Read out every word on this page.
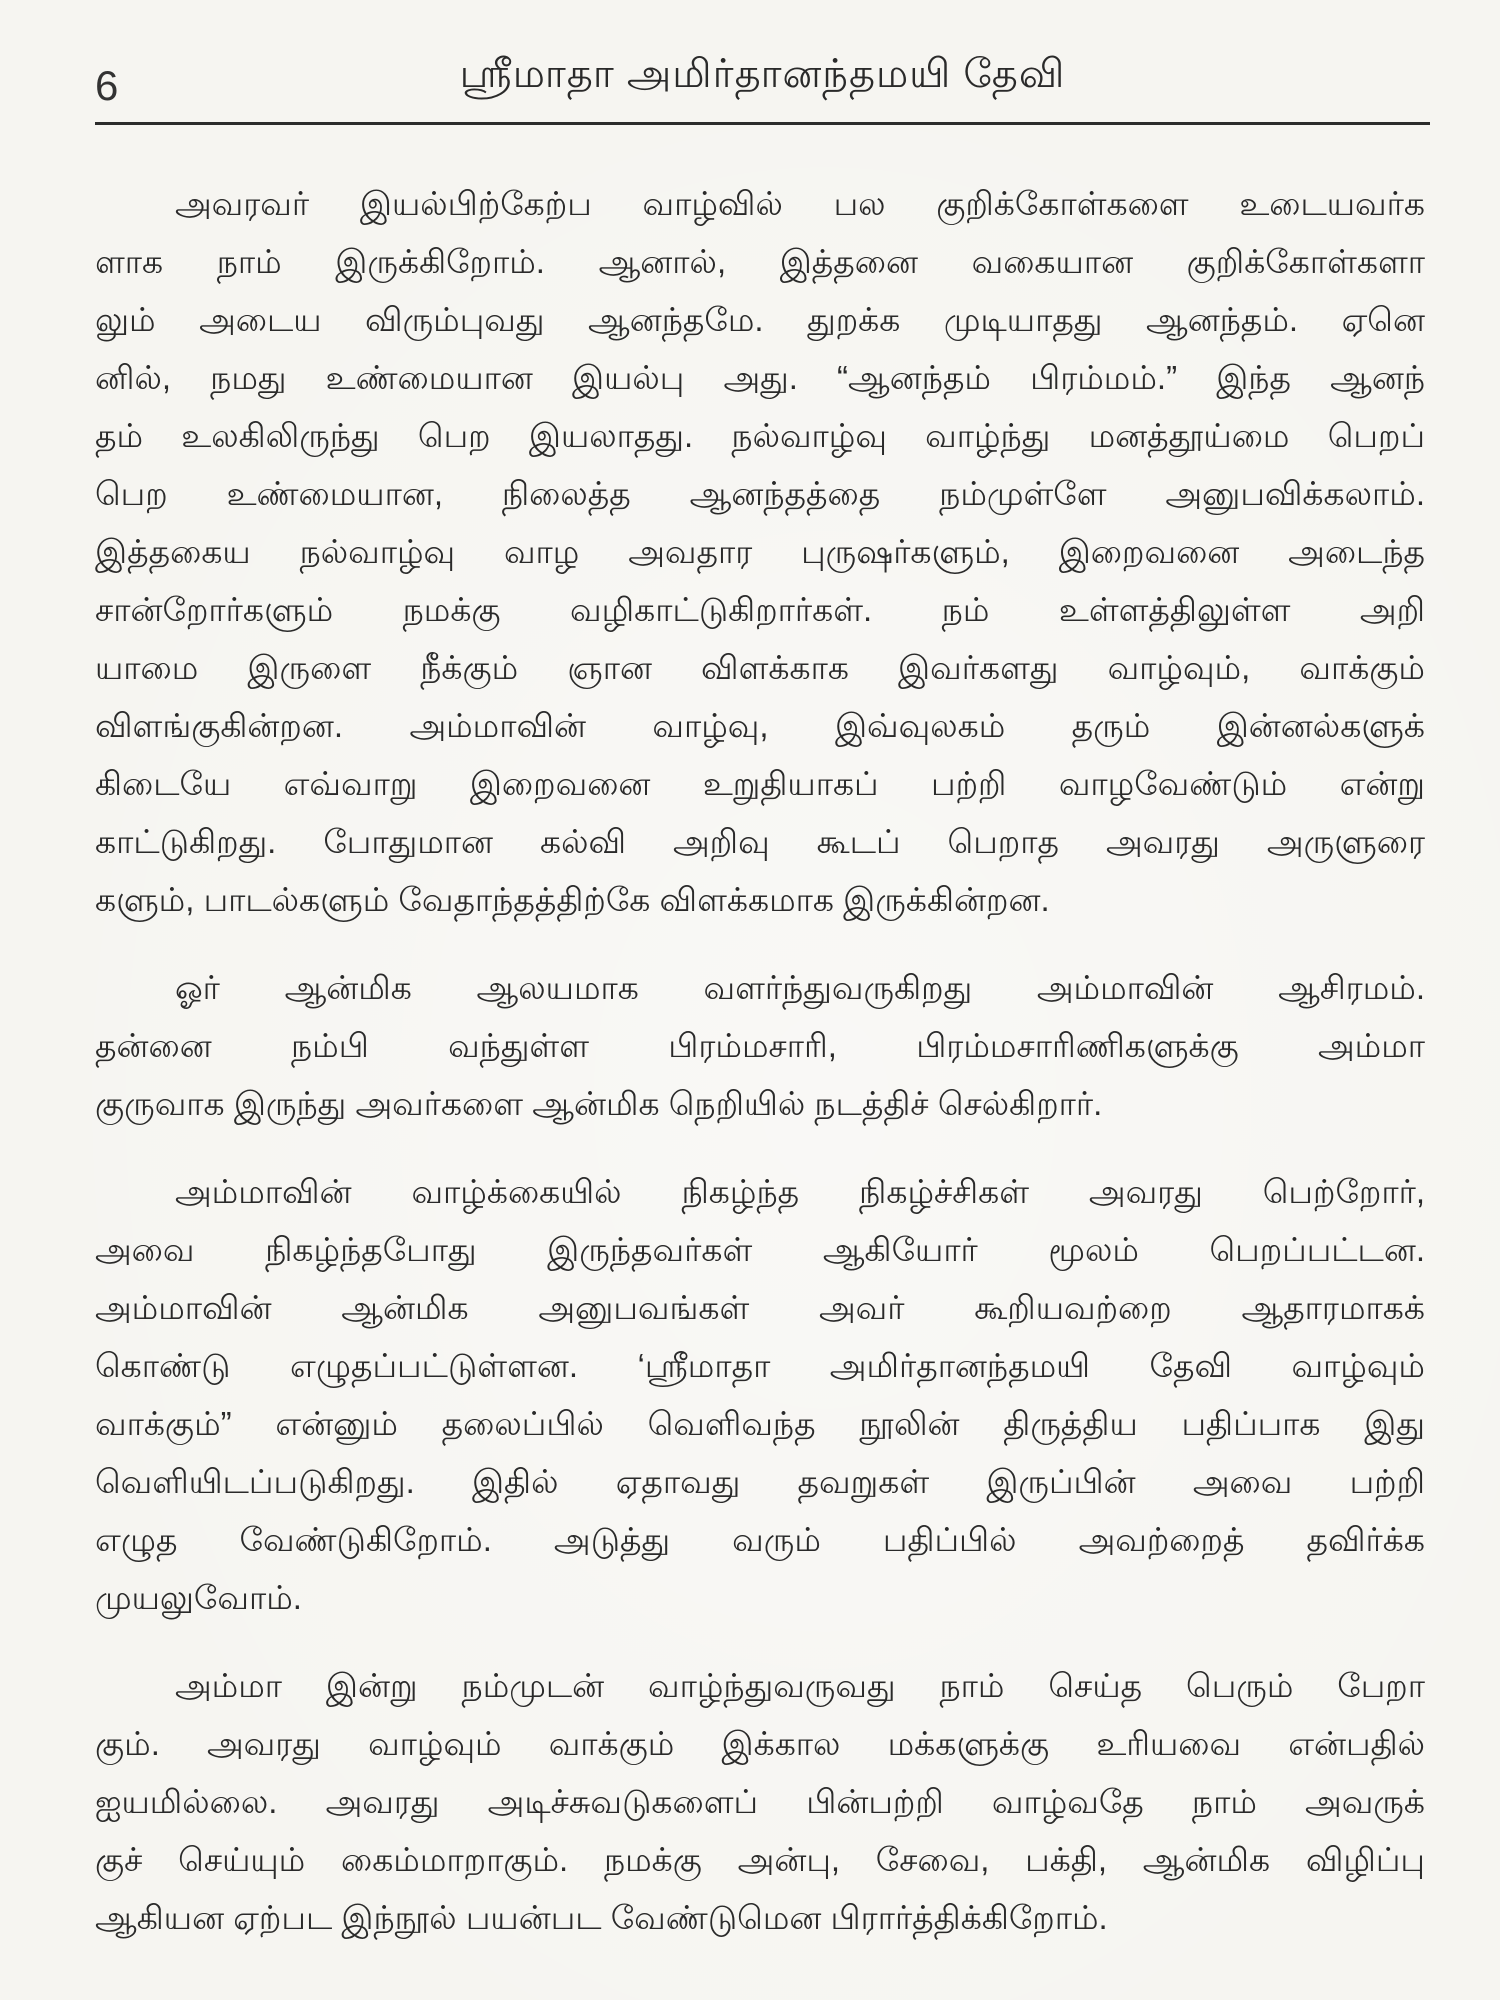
6	ஸ்ரீமாதா அமிர்தானந்தமயி தேவி

அவரவர் இயல்பிற்கேற்ப வாழ்வில் பல குறிக்கோள்களை உடையவர்க
ளாக நாம் இருக்கிறோம். ஆனால், இத்தனை வகையான குறிக்கோள்களா
லும் அடைய விரும்புவது ஆனந்தமே. துறக்க முடியாதது ஆனந்தம். ஏனெ
னில், நமது உண்மையான இயல்பு அது. “ஆனந்தம் பிரம்மம்.” இந்த ஆனந்
தம் உலகிலிருந்து பெற இயலாதது. நல்வாழ்வு வாழ்ந்து மனத்தூய்மை பெறப்
பெற உண்மையான, நிலைத்த ஆனந்தத்தை நம்முள்ளே அனுபவிக்கலாம்.
இத்தகைய நல்வாழ்வு வாழ அவதார புருஷர்களும், இறைவனை அடைந்த
சான்றோர்களும் நமக்கு வழிகாட்டுகிறார்கள். நம் உள்ளத்திலுள்ள அறி
யாமை இருளை நீக்கும் ஞான விளக்காக இவர்களது வாழ்வும், வாக்கும்
விளங்குகின்றன. அம்மாவின் வாழ்வு, இவ்வுலகம் தரும் இன்னல்களுக்
கிடையே எவ்வாறு இறைவனை உறுதியாகப் பற்றி வாழவேண்டும் என்று
காட்டுகிறது. போதுமான கல்வி அறிவு கூடப் பெறாத அவரது அருளுரை
களும், பாடல்களும் வேதாந்தத்திற்கே விளக்கமாக இருக்கின்றன.

ஓர் ஆன்மிக ஆலயமாக வளர்ந்துவருகிறது அம்மாவின் ஆசிரமம்.
தன்னை நம்பி வந்துள்ள பிரம்மசாரி, பிரம்மசாரிணிகளுக்கு அம்மா
குருவாக இருந்து அவர்களை ஆன்மிக நெறியில் நடத்திச் செல்கிறார்.

அம்மாவின் வாழ்க்கையில் நிகழ்ந்த நிகழ்ச்சிகள் அவரது பெற்றோர்,
அவை நிகழ்ந்தபோது இருந்தவர்கள் ஆகியோர் மூலம் பெறப்பட்டன.
அம்மாவின் ஆன்மிக அனுபவங்கள் அவர் கூறியவற்றை ஆதாரமாகக்
கொண்டு எழுதப்பட்டுள்ளன. ‘ஸ்ரீமாதா அமிர்தானந்தமயி தேவி வாழ்வும்
வாக்கும்” என்னும் தலைப்பில் வெளிவந்த நூலின் திருத்திய பதிப்பாக இது
வெளியிடப்படுகிறது. இதில் ஏதாவது தவறுகள் இருப்பின் அவை பற்றி
எழுத வேண்டுகிறோம். அடுத்து வரும் பதிப்பில் அவற்றைத் தவிர்க்க
முயலுவோம்.

அம்மா இன்று நம்முடன் வாழ்ந்துவருவது நாம் செய்த பெரும் பேறா
கும். அவரது வாழ்வும் வாக்கும் இக்கால மக்களுக்கு உரியவை என்பதில்
ஐயமில்லை. அவரது அடிச்சுவடுகளைப் பின்பற்றி வாழ்வதே நாம் அவருக்
குச் செய்யும் கைம்மாறாகும். நமக்கு அன்பு, சேவை, பக்தி, ஆன்மிக விழிப்பு
ஆகியன ஏற்பட இந்நூல் பயன்பட வேண்டுமென பிரார்த்திக்கிறோம்.
